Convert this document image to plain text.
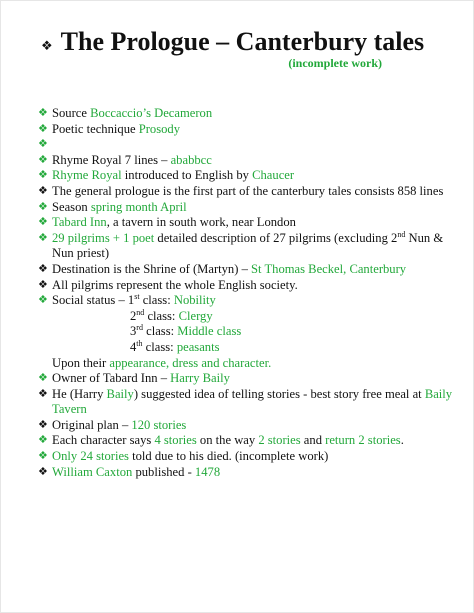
❖ The Prologue – Canterbury tales
(incomplete work)
❖ Source Boccaccio’s Decameron
❖ Poetic technique Prosody
❖

❖ Rhyme Royal 7 lines – ababbcc
❖ Rhyme Royal introduced to English by Chaucer
❖ The general prologue is the first part of the canterbury tales consists 858 lines
❖ Season spring month April
❖ Tabard Inn, a tavern in south work, near London
❖ 29 pilgrims + 1 poet detailed description of 27 pilgrims (excluding 2nd Nun & Nun priest)
❖ Destination is the Shrine of (Martyn) – St Thomas Beckel, Canterbury
❖ All pilgrims represent the whole English society.
❖ Social status – 1st class: Nobility
2nd class: Clergy
3rd class: Middle class
4th class: peasants
Upon their appearance, dress and character.
❖ Owner of Tabard Inn – Harry Baily
❖ He (Harry Baily) suggested idea of telling stories - best story free meal at Baily Tavern
❖ Original plan – 120 stories
❖ Each character says 4 stories on the way 2 stories and return 2 stories.
❖ Only 24 stories told due to his died. (incomplete work)
❖ William Caxton published - 1478
